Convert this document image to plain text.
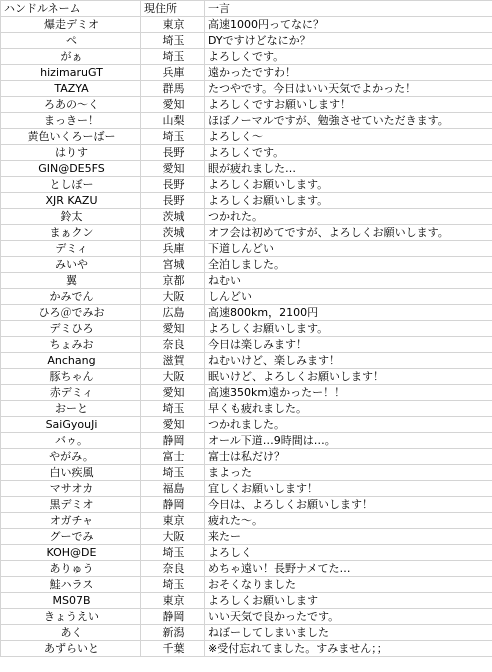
ハンドルネーム	現住所	一言
爆走デミオ	東京	高速1000円ってなに？
ペ	埼玉	DYですけどなにか？
がぁ	埼玉	よろしくです。
hizimaruGT	兵庫	遠かったですわ！
TAZYA	群馬	たつやです。今日はいい天気でよかった！
ろあの～く	愛知	よろしくですお願いします！
まっきー！	山梨	ほぼノーマルですが、勉強させていただきます。
黄色いくろーばー	埼玉	よろしく～
はりす	長野	よろしくです。
GIN@DE5FS	愛知	眼が疲れました…
としぼー	長野	よろしくお願いします。
XJR KAZU	長野	よろしくお願いします。
鈴太	茨城	つかれた。
まぁクン	茨城	オフ会は初めてですが、よろしくお願いします。
デミィ	兵庫	下道しんどい
みいや	宮城	全泊しました。
翼	京都	ねむい
かみでん	大阪	しんどい
ひろ＠でみお	広島	高速800km，2100円
デミひろ	愛知	よろしくお願いします。
ちょみお	奈良	今日は楽しみます！
Anchang	滋賀	ねむいけど、楽しみます！
豚ちゃん	大阪	眠いけど、よろしくお願いします！
赤デミィ	愛知	高速350km遠かったー！！
おーと	埼玉	早くも疲れました。
SaiGyouJi	愛知	つかれました。
バゥ。	静岡	オール下道…9時間は…。
やがみ。	富士	富士は私だけ？
白い疾風	埼玉	まよった
マサオカ	福島	宜しくお願いします！
黒デミオ	静岡	今日は、よろしくお願いします！
オガチャ	東京	疲れた～。
グーでみ	大阪	来たー
KOH@DE	埼玉	よろしく
ありゅう	奈良	めちゃ遠い！長野ナメてた…
鮭ハラス	埼玉	おそくなりました
MS07B	東京	よろしくお願いします
きょうえい	静岡	いい天気で良かったです。
あく	新潟	ねぼーしてしまいました
あずらいと	千葉	※受付忘れてました。すみません；；
